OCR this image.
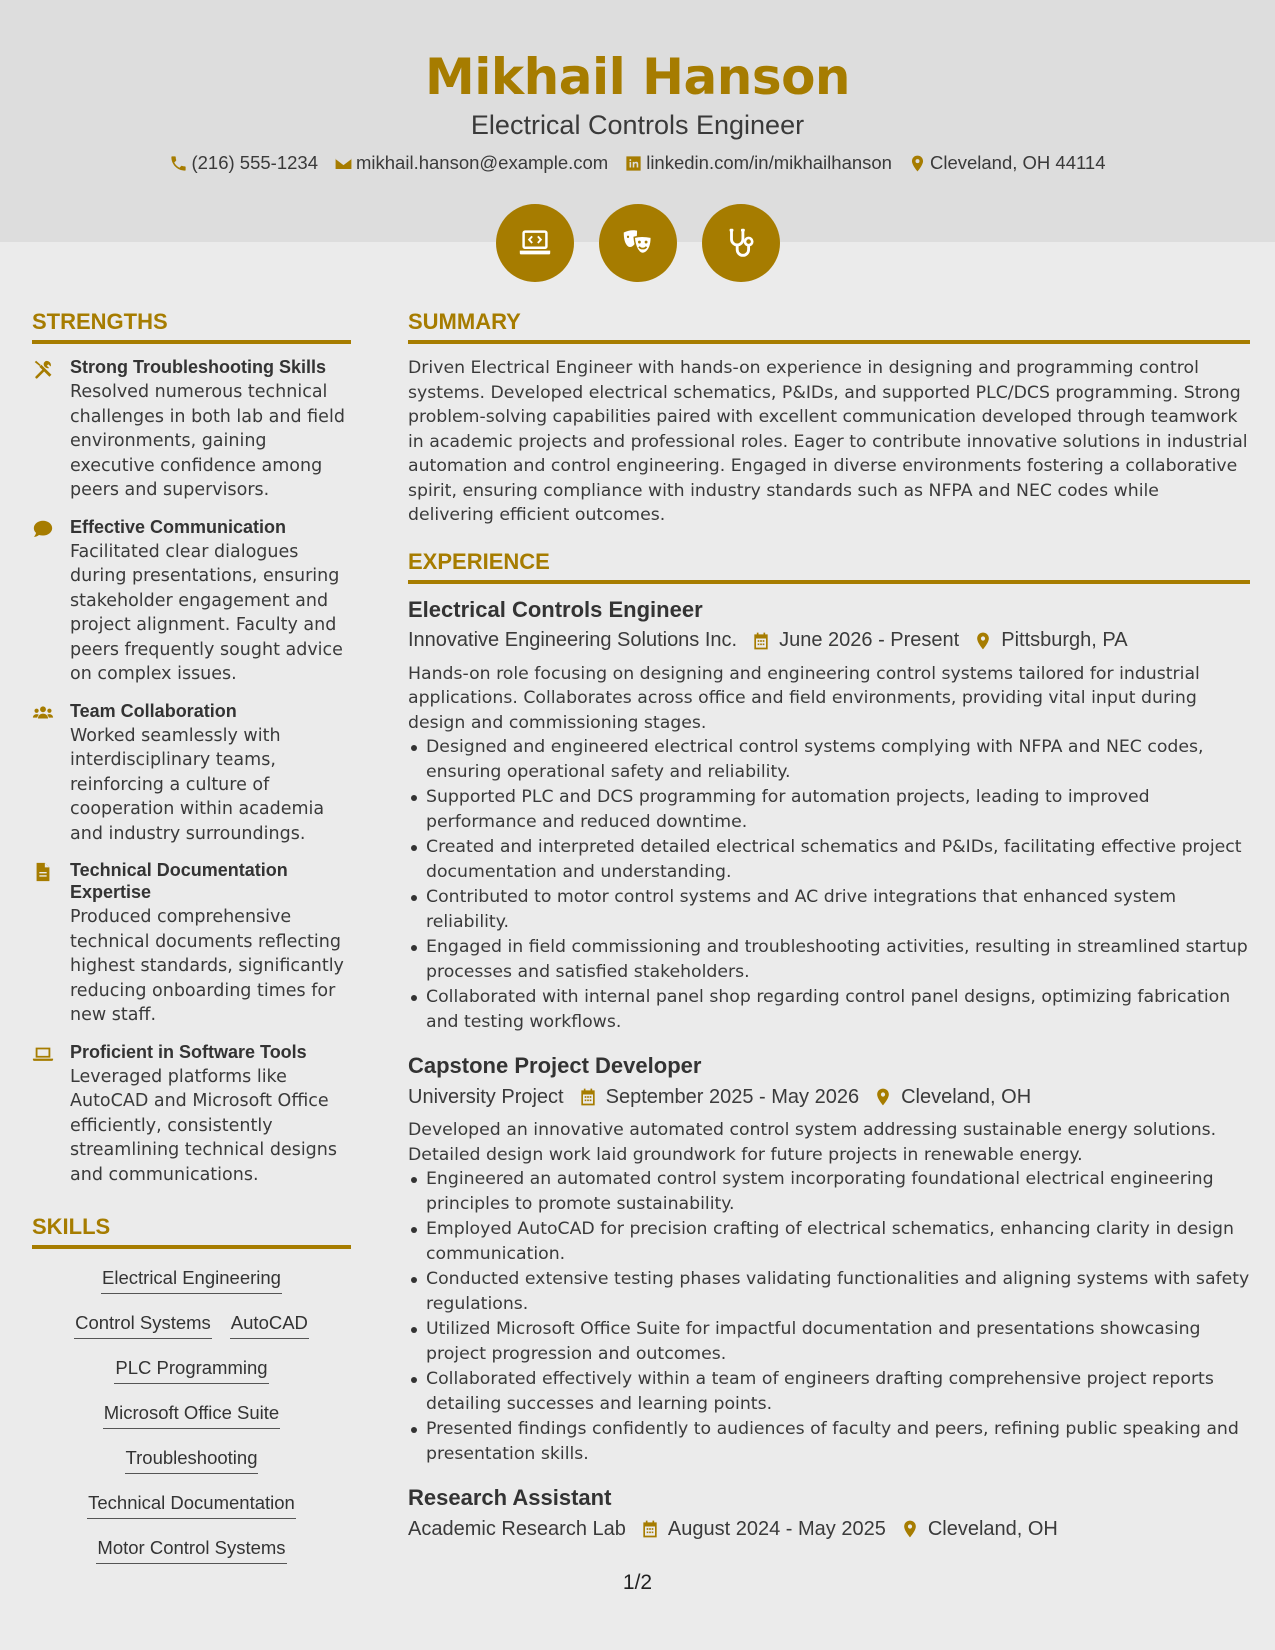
Mikhail Hanson
Electrical Controls Engineer
(216) 555-1234 mikhail.hanson@example.com linkedin.com/in/mikhailhanson Cleveland, OH 44114
STRENGTHS
Strong Troubleshooting Skills
Resolved numerous technical challenges in both lab and field environments, gaining executive confidence among peers and supervisors.
Effective Communication
Facilitated clear dialogues during presentations, ensuring stakeholder engagement and project alignment. Faculty and peers frequently sought advice on complex issues.
Team Collaboration
Worked seamlessly with interdisciplinary teams, reinforcing a culture of cooperation within academia and industry surroundings.
Technical Documentation Expertise
Produced comprehensive technical documents reflecting highest standards, significantly reducing onboarding times for new staff.
Proficient in Software Tools
Leveraged platforms like AutoCAD and Microsoft Office efficiently, consistently streamlining technical designs and communications.
SKILLS
Electrical Engineering
Control Systems AutoCAD
PLC Programming
Microsoft Office Suite
Troubleshooting
Technical Documentation
Motor Control Systems
SUMMARY
Driven Electrical Engineer with hands-on experience in designing and programming control systems. Developed electrical schematics, P&IDs, and supported PLC/DCS programming. Strong problem-solving capabilities paired with excellent communication developed through teamwork in academic projects and professional roles. Eager to contribute innovative solutions in industrial automation and control engineering. Engaged in diverse environments fostering a collaborative spirit, ensuring compliance with industry standards such as NFPA and NEC codes while delivering efficient outcomes.
EXPERIENCE
Electrical Controls Engineer
Innovative Engineering Solutions Inc. June 2026 - Present Pittsburgh, PA
Hands-on role focusing on designing and engineering control systems tailored for industrial applications. Collaborates across office and field environments, providing vital input during design and commissioning stages.
Designed and engineered electrical control systems complying with NFPA and NEC codes, ensuring operational safety and reliability.
Supported PLC and DCS programming for automation projects, leading to improved performance and reduced downtime.
Created and interpreted detailed electrical schematics and P&IDs, facilitating effective project documentation and understanding.
Contributed to motor control systems and AC drive integrations that enhanced system reliability.
Engaged in field commissioning and troubleshooting activities, resulting in streamlined startup processes and satisfied stakeholders.
Collaborated with internal panel shop regarding control panel designs, optimizing fabrication and testing workflows.
Capstone Project Developer
University Project September 2025 - May 2026 Cleveland, OH
Developed an innovative automated control system addressing sustainable energy solutions. Detailed design work laid groundwork for future projects in renewable energy.
Engineered an automated control system incorporating foundational electrical engineering principles to promote sustainability.
Employed AutoCAD for precision crafting of electrical schematics, enhancing clarity in design communication.
Conducted extensive testing phases validating functionalities and aligning systems with safety regulations.
Utilized Microsoft Office Suite for impactful documentation and presentations showcasing project progression and outcomes.
Collaborated effectively within a team of engineers drafting comprehensive project reports detailing successes and learning points.
Presented findings confidently to audiences of faculty and peers, refining public speaking and presentation skills.
Research Assistant
Academic Research Lab August 2024 - May 2025 Cleveland, OH
1/2
